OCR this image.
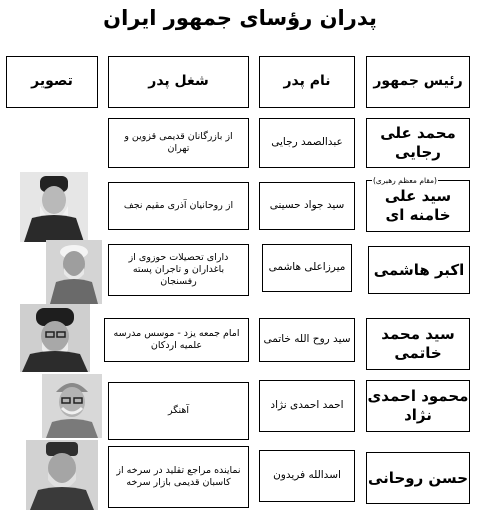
پدران رؤسای جمهور ایران
رئیس جمهور
نام پدر
شغل پدر
تصویر
محمد علی رجایی
عبدالصمد رجایی
از بازرگانان قدیمی قزوین و تهران
سید علی خامنه ای
(مقام معظم رهبری)
سید جواد حسینی
از روحانیان آذری مقیم نجف
اکبر هاشمی
میرزاعلی هاشمی
دارای تحصیلات حوزوی از باغداران و تاجران پسته رفسنجان
سید محمد خاتمی
سید روح الله خاتمی
امام جمعه یزد - موسس مدرسه علمیه اردکان
محمود احمدی نژاد
احمد احمدی نژاد
آهنگر
حسن روحانی
اسدالله فریدون
نماینده مراجع تقلید در سرخه از کاسبان قدیمی بازار سرخه
